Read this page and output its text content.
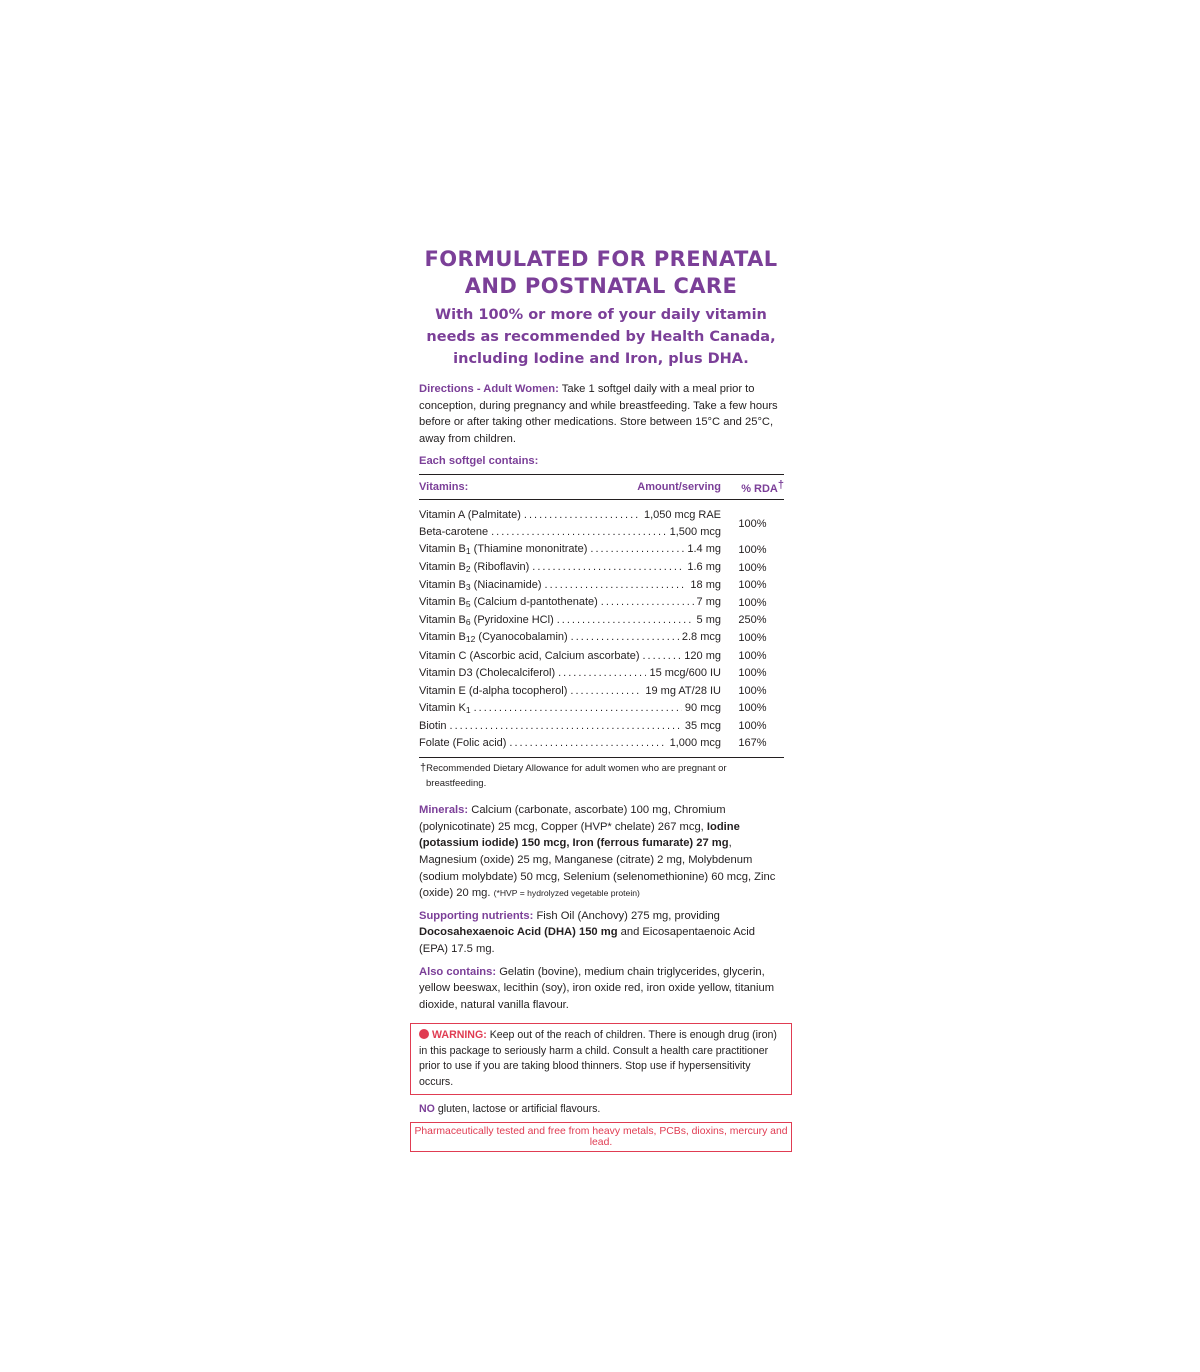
FORMULATED FOR PRENATAL
AND POSTNATAL CARE

With 100% or more of your daily vitamin
needs as recommended by Health Canada,
including Iodine and Iron, plus DHA.

Directions - Adult Women: Take 1 softgel daily with a meal prior to conception, during pregnancy and while breastfeeding. Take a few hours before or after taking other medications. Store between 15°C and 25°C, away from children.
Each softgel contains:
Vitamins: Amount/serving	% RDA†

Vitamin A (Palmitate) ..... 1,050 mcg RAE	100%

Beta-carotene ..... 1,500 mcg

Vitamin $B_1$ (Thiamine mononitrate) ..... 1.4 mg	100%

Vitamin $B_2$ (Riboflavin) ..... 1.6 mg	100%

Vitamin $B_3$ (Niacinamide) ..... 18 mg	100%

Vitamin $B_5$ (Calcium d-pantothenate) ..... 7 mg	100%

Vitamin $B_6$ (Pyridoxine HCl) ..... 5 mg	250%

Vitamin $B_{12}$ (Cyanocobalamin) ..... 2.8 mcg	100%

Vitamin C (Ascorbic acid, Calcium ascorbate) ..... 120 mg	100%

Vitamin D3 (Cholecalciferol) ..... 15 mcg/600 IU	100%

Vitamin E (d-alpha tocopherol) ..... 19 mg AT/28 IU	100%

Vitamin $K_1$ ..... 90 mcg	100%

Biotin ..... 35 mcg	100%

Folate (Folic acid) ..... 1,000 mcg	167%
†Recommended Dietary Allowance for adult women who are pregnant or breastfeeding.
Minerals: Calcium (carbonate, ascorbate) 100 mg, Chromium (polynicotinate) 25 mcg, Copper (HVP* chelate) 267 mcg, Iodine (potassium iodide) 150 mcg, Iron (ferrous fumarate) 27 mg, Magnesium (oxide) 25 mg, Manganese (citrate) 2 mg, Molybdenum (sodium molybdate) 50 mcg, Selenium (selenomethionine) 60 mcg, Zinc (oxide) 20 mg. (*HVP = hydrolyzed vegetable protein)
Supporting nutrients: Fish Oil (Anchovy) 275 mg, providing Docosahexaenoic Acid (DHA) 150 mg and Eicosapentaenoic Acid (EPA) 17.5 mg.
Also contains: Gelatin (bovine), medium chain triglycerides, glycerin, yellow beeswax, lecithin (soy), iron oxide red, iron oxide yellow, titanium dioxide, natural vanilla flavour.
WARNING: Keep out of the reach of children. There is enough drug (iron) in this package to seriously harm a child. Consult a health care practitioner prior to use if you are taking blood thinners. Stop use if hypersensitivity occurs.
NO gluten, lactose or artificial flavours.
Pharmaceutically tested and free from heavy metals, PCBs, dioxins, mercury and lead.
